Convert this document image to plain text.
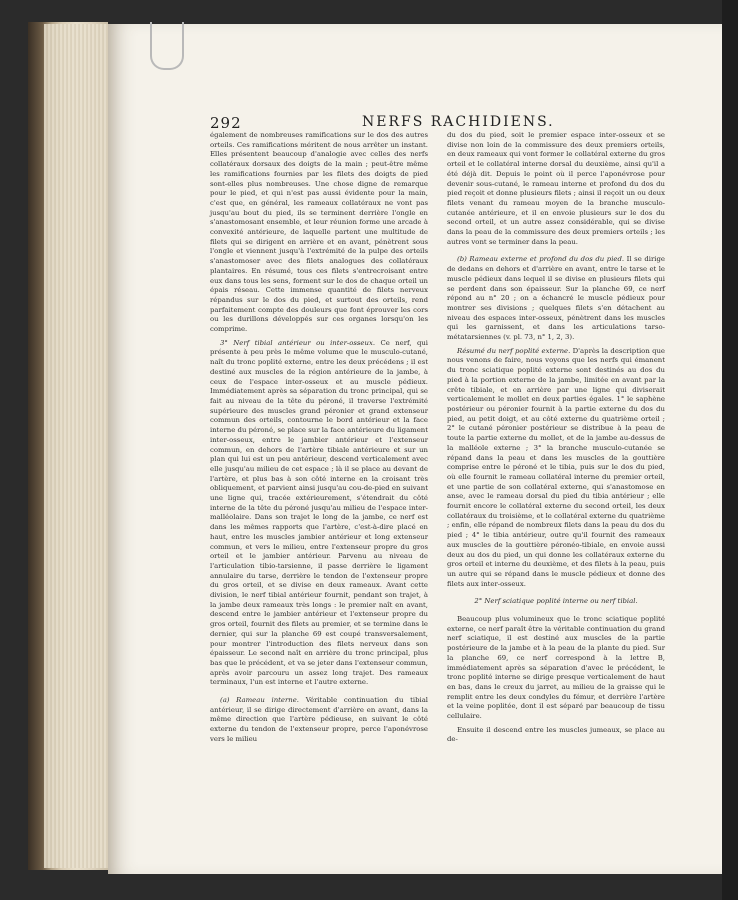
292	NERFS RACHIDIENS.

également de nombreuses ramifications sur le dos des autres orteils. Ces ramifications méritent de nous arrêter un instant. Elles présentent beaucoup d'analogie avec celles des nerfs collatéraux dorsaux des doigts de la main ; peut-être même les ramifications fournies par les filets des doigts de pied sont-elles plus nombreuses. Une chose digne de remarque pour le pied, et qui n'est pas aussi évidente pour la main, c'est que, en général, les rameaux collatéraux ne vont pas jusqu'au bout du pied, ils se terminent derrière l'ongle en s'anastomosant ensemble, et leur réunion forme une arcade à convexité antérieure, de laquelle partent une multitude de filets qui se dirigent en arrière et en avant, pénètrent sous l'ongle et viennent jusqu'à l'extrémité de la pulpe des orteils s'anastomoser avec des filets analogues des collatéraux plantaires. En résumé, tous ces filets s'entrecroisant entre eux dans tous les sens, forment sur le dos de chaque orteil un épais réseau. Cette immense quantité de filets nerveux répandus sur le dos du pied, et surtout des orteils, rend parfaitement compte des douleurs que font éprouver les cors ou les durillons développés sur ces organes lorsqu'on les comprime.

3° Nerf tibial antérieur ou inter-osseux. Ce nerf, qui présente à peu près le même volume que le musculo-cutané, naît du tronc poplité externe, entre les deux précédens ; il est destiné aux muscles de la région antérieure de la jambe, à ceux de l'espace inter-osseux et au muscle pédieux. Immédiatement après sa séparation du tronc principal, qui se fait au niveau de la tête du péroné, il traverse l'extrémité supérieure des muscles grand péronier et grand extenseur commun des orteils, contourne le bord antérieur et la face interne du péroné, se place sur la face antérieure du ligament inter-osseux, entre le jambier antérieur et l'extenseur commun, en dehors de l'artère tibiale antérieure et sur un plan qui lui est un peu antérieur, descend verticalement avec elle jusqu'au milieu de cet espace ; là il se place au devant de l'artère, et plus bas à son côté interne en la croisant très obliquement, et parvient ainsi jusqu'au cou-de-pied en suivant une ligne qui, tracée extérieurement, s'étendrait du côté interne de la tête du péroné jusqu'au milieu de l'espace inter-malléolaire. Dans son trajet le long de la jambe, ce nerf est dans les mêmes rapports que l'artère, c'est-à-dire placé en haut, entre les muscles jambier antérieur et long extenseur commun, et vers le milieu, entre l'extenseur propre du gros orteil et le jambier antérieur. Parvenu au niveau de l'articulation tibio-tarsienne, il passe derrière le ligament annulaire du tarse, derrière le tendon de l'extenseur propre du gros orteil, et se divise en deux rameaux. Avant cette division, le nerf tibial antérieur fournit, pendant son trajet, à la jambe deux rameaux très longs : le premier naît en avant, descend entre le jambier antérieur et l'extenseur propre du gros orteil, fournit des filets au premier, et se termine dans le dernier, qui sur la planche 69 est coupé transversalement, pour montrer l'introduction des filets nerveux dans son épaisseur. Le second naît en arrière du tronc principal, plus bas que le précédent, et va se jeter dans l'extenseur commun, après avoir parcouru un assez long trajet. Des rameaux terminaux, l'un est interne et l'autre externe.

(a) Rameau interne. Véritable continuation du tibial antérieur, il se dirige directement d'arrière en avant, dans la même direction que l'artère pédieuse, en suivant le côté externe du tendon de l'extenseur propre, perce l'aponévrose vers le milieu

du dos du pied, soit le premier espace inter-osseux et se divise non loin de la commissure des deux premiers orteils, en deux rameaux qui vont former le collatéral externe du gros orteil et le collatéral interne dorsal du deuxième, ainsi qu'il a été déjà dit. Depuis le point où il perce l'aponévrose pour devenir sous-cutané, le rameau interne et profond du dos du pied reçoit et donne plusieurs filets ; ainsi il reçoit un ou deux filets venant du rameau moyen de la branche musculo-cutanée antérieure, et il en envoie plusieurs sur le dos du second orteil, et un autre assez considérable, qui se divise dans la peau de la commissure des deux premiers orteils ; les autres vont se terminer dans la peau.

(b) Rameau externe et profond du dos du pied. Il se dirige de dedans en dehors et d'arrière en avant, entre le tarse et le muscle pédieux dans lequel il se divise en plusieurs filets qui se perdent dans son épaisseur. Sur la planche 69, ce nerf répond au n° 20 ; on a échancré le muscle pédieux pour montrer ses divisions ; quelques filets s'en détachent au niveau des espaces inter-osseux, pénètrent dans les muscles qui les garnissent, et dans les articulations tarso-métatarsiennes (v. pl. 73, n° 1, 2, 3).

Résumé du nerf poplité externe. D'après la description que nous venons de faire, nous voyons que les nerfs qui émanent du tronc sciatique poplité externe sont destinés au dos du pied à la portion externe de la jambe, limitée en avant par la crête tibiale, et en arrière par une ligne qui diviserait verticalement le mollet en deux parties égales. 1° le saphène postérieur ou péronier fournit à la partie externe du dos du pied, au petit doigt, et au côté externe du quatrième orteil ; 2° le cutané péronier postérieur se distribue à la peau de toute la partie externe du mollet, et de la jambe au-dessus de la malléole externe ; 3° la branche musculo-cutanée se répand dans la peau et dans les muscles de la gouttière comprise entre le péroné et le tibia, puis sur le dos du pied, où elle fournit le rameau collatéral interne du premier orteil, et une partie de son collatéral externe, qui s'anastomose en anse, avec le rameau dorsal du pied du tibia antérieur ; elle fournit encore le collatéral externe du second orteil, les deux collatéraux du troisième, et le collatéral externe du quatrième ; enfin, elle répand de nombreux filets dans la peau du dos du pied ; 4° le tibia antérieur, outre qu'il fournit des rameaux aux muscles de la gouttière péronéo-tibiale, en envoie aussi deux au dos du pied, un qui donne les collatéraux externe du gros orteil et interne du deuxième, et des filets à la peau, puis un autre qui se répand dans le muscle pédieux et donne des filets aux inter-osseux.

2° Nerf sciatique poplité interne ou nerf tibial.

Beaucoup plus volumineux que le tronc sciatique poplité externe, ce nerf paraît être la véritable continuation du grand nerf sciatique, il est destiné aux muscles de la partie postérieure de la jambe et à la peau de la plante du pied. Sur la planche 69, ce nerf correspond à la lettre B, immédiatement après sa séparation d'avec le précédent, le tronc poplité interne se dirige presque verticalement de haut en bas, dans le creux du jarret, au milieu de la graisse qui le remplit entre les deux condyles du fémur, et derrière l'artère et la veine poplitée, dont il est séparé par beaucoup de tissu cellulaire.

Ensuite il descend entre les muscles jumeaux, se place au de-
